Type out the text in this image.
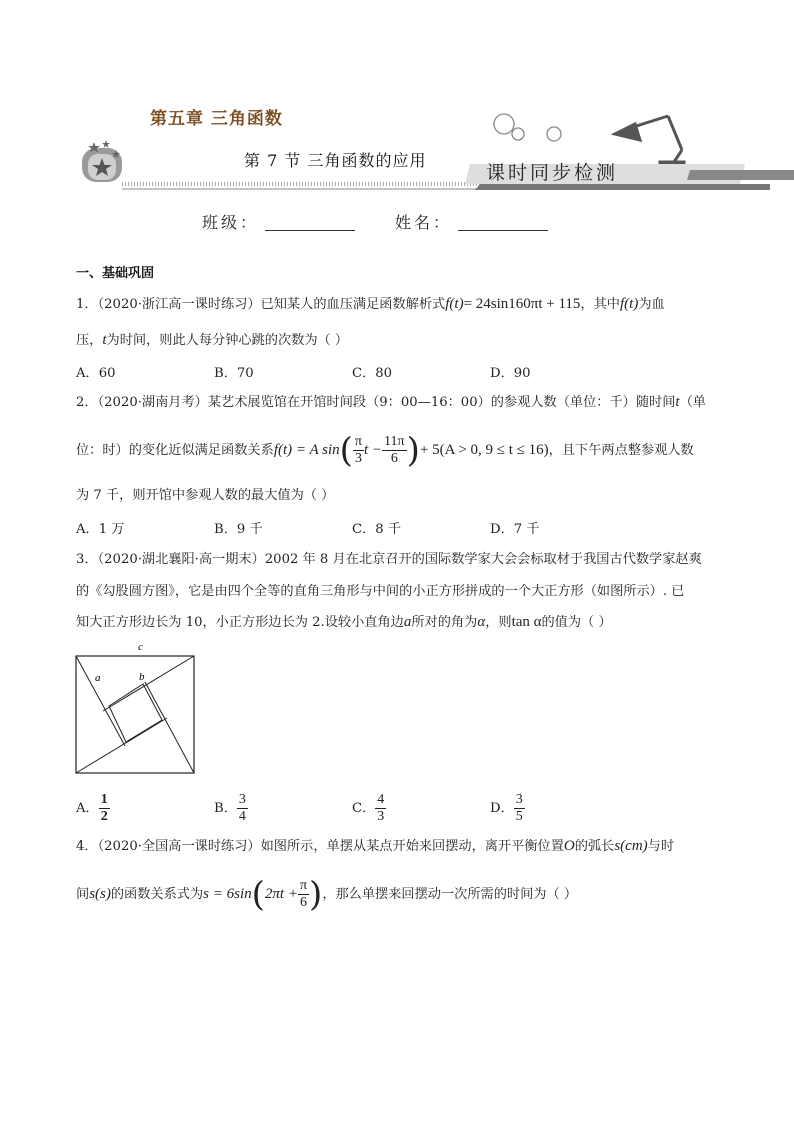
第五章 三角函数
第 7 节 三角函数的应用
课时同步检测
班级：	姓名：
一、基础巩固
1．（2020·浙江高一课时练习）已知某人的血压满足函数解析式f(t)= 24sin160πt + 115，其中f(t)为血
压，t为时间，则此人每分钟心跳的次数为（ ）
A．60	B．70	C．80	D．90
2．（2020·湖南月考）某艺术展览馆在开馆时间段（9：00—16：00）的参观人数（单位：千）随时间t（单
位：时）的变化近似满足函数关系f(t) = A $\sin( \frac{\pi}{3}$ $t - \frac{11\pi}{6}$ )+ 5(A > 0, 9 ≤ t ≤ 16)，且下午两点整参观人数
为 7 千，则开馆中参观人数的最大值为（ ）
A．1 万	B．9 千	C．8 千	D．7 千
3．（2020·湖北襄阳·高一期末）2002 年 8 月在北京召开的国际数学家大会会标取材于我国古代数学家赵爽
的《勾股圆方图》，它是由四个全等的直角三角形与中间的小正方形拼成的一个大正方形（如图所示）. 已
知大正方形边长为 10，小正方形边长为 2.设较小直角边a所对的角为α，则tan α的值为（ ）
c
a	b
A． $\frac{1}{2}$	B． $\frac{3}{4}$	C． $\frac{4}{3}$	D． $\frac{3}{5}$
4．（2020·全国高一课时练习）如图所示，单摆从某点开始来回摆动，离开平衡位置O的弧长s(cm)与时
间s(s)的函数关系式为$s = 6\sin(2\pi t + \frac{\pi}{6}$ )，那么单摆来回摆动一次所需的时间为（ ）
